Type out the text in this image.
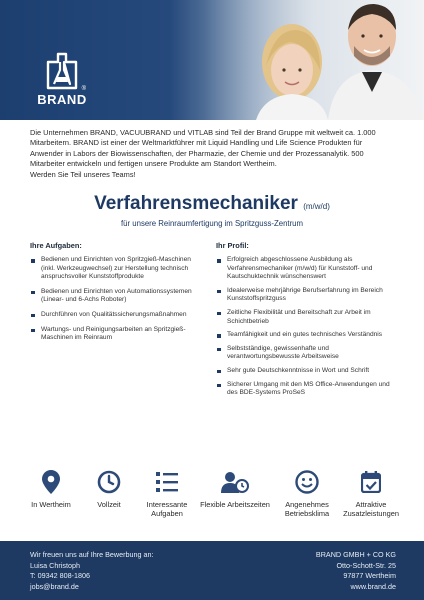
BRAND
®

Die Unternehmen BRAND, VACUUBRAND und VITLAB sind Teil der Brand Gruppe mit weltweit ca. 1.000 Mitarbeitern. BRAND ist einer der Weltmarktführer mit Liquid Handling und Life Science Produkten für Anwender in Labors der Biowissenschaften, der Pharmazie, der Chemie und der Prozessanalytik. 500 Mitarbeiter entwickeln und fertigen unsere Produkte am Standort Wertheim.

Werden Sie Teil unseres Teams!

Verfahrensmechaniker (m/w/d)
für unsere Reinraumfertigung im Spritzguss-Zentrum
Ihre Aufgaben:
Bedienen und Einrichten von Spritzgieß-Maschinen (inkl. Werkzeugwechsel) zur Herstellung technisch anspruchsvoller Kunststoffprodukte
Bedienen und Einrichten von Automationssystemen (Linear- und 6-Achs Roboter)
Durchführen von Qualitätssicherungsmaßnahmen
Wartungs- und Reinigungsarbeiten an Spritzgieß-Maschinen im Reinraum
Ihr Profil:
Erfolgreich abgeschlossene Ausbildung als Verfahrensmechaniker (m/w/d) für Kunststoff- und Kautschuktechnik wünschenswert
Idealerweise mehrjährige Berufserfahrung im Bereich Kunststoffspritzguss
Zeitliche Flexibilität und Bereitschaft zur Arbeit im Schichtbetrieb
Teamfähigkeit und ein gutes technisches Verständnis
Selbstständige, gewissenhafte und verantwortungsbewusste Arbeitsweise
Sehr gute Deutschkenntnisse in Wort und Schrift
Sicherer Umgang mit den MS Office-Anwendungen und des BDE-Systems ProSeS
In Wertheim	Vollzeit	Interessante Aufgaben
Flexible Arbeitszeiten	Angenehmes Betriebsklima
Attraktive Zusatzleistungen
Wir freuen uns auf Ihre Bewerbung an:
Luisa Christoph
T: 09342 808-1806
jobs@brand.de
BRAND GMBH + CO KG
Otto-Schott-Str. 25
97877 Wertheim
www.brand.de
